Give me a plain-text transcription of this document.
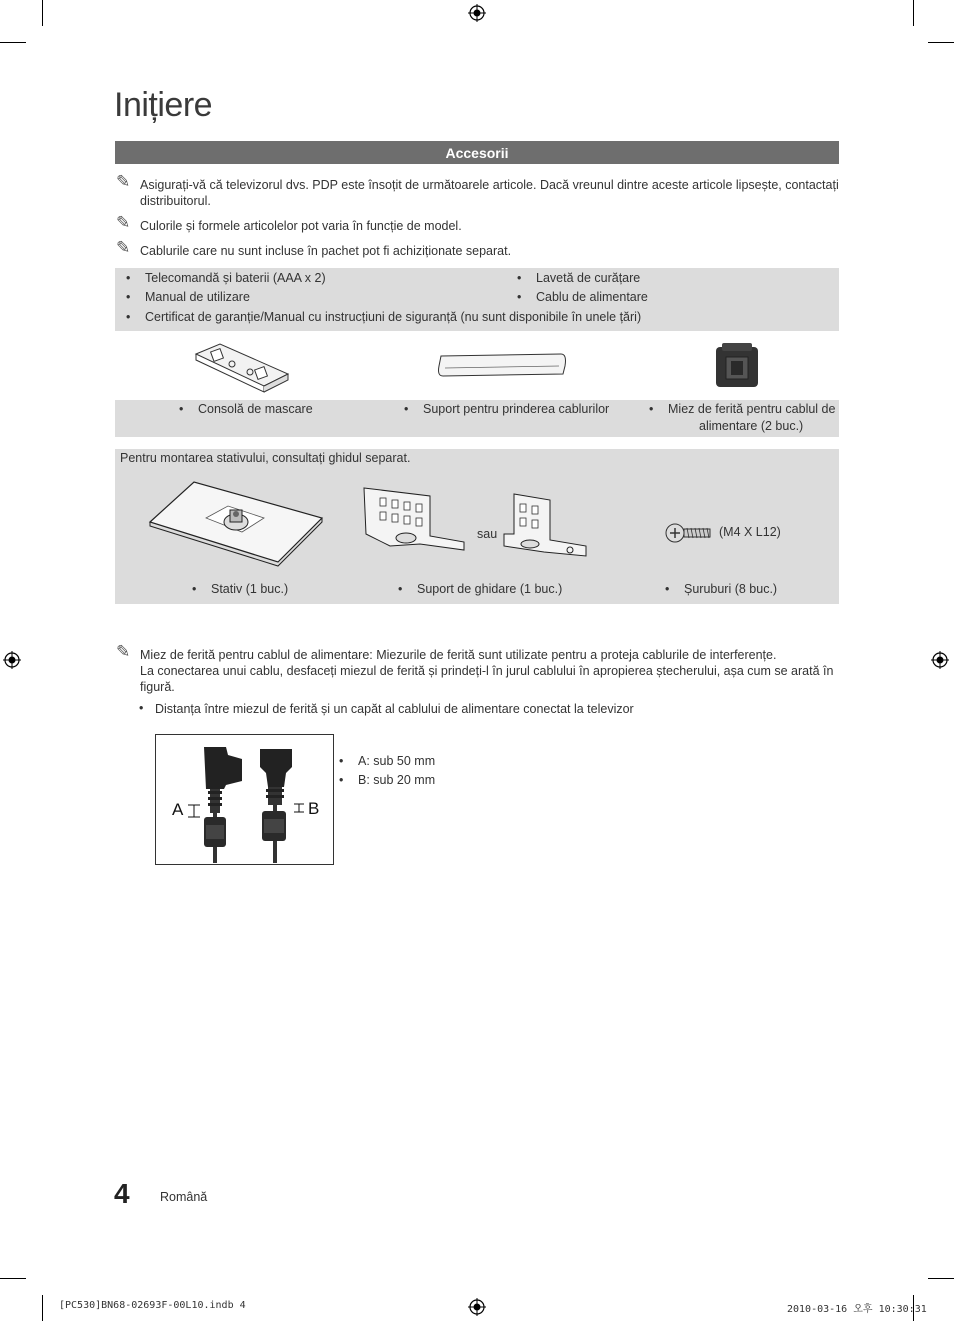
Inițiere
Accesorii
✎ Asigurați-vă că televizorul dvs. PDP este însoțit de următoarele articole. Dacă vreunul dintre aceste articole lipsește, contactați distribuitorul.
✎ Culorile și formele articolelor pot varia în funcție de model.
✎ Cablurile care nu sunt incluse în pachet pot fi achiziționate separat.
• Telecomandă și baterii (AAA x 2)
• Manual de utilizare
• Lavetă de curățare
• Cablu de alimentare
• Certificat de garanție/Manual cu instrucțiuni de siguranță (nu sunt disponibile în unele țări)
• Consolă de mascare	• Suport pentru prinderea cablurilor	• Miez de ferită pentru cablul de
alimentare (2 buc.)
Pentru montarea stativului, consultați ghidul separat.
sau	(M4 X L12)
• Stativ (1 buc.)	• Suport de ghidare (1 buc.)	• Șuruburi (8 buc.)
✎ Miez de ferită pentru cablul de alimentare: Miezurile de ferită sunt utilizate pentru a proteja cablurile de interferențe.
La conectarea unui cablu, desfaceți miezul de ferită și prindeți-l în jurul cablului în apropierea ștecherului, așa cum se arată în figură.
Distanța între miezul de ferită și un capăt al cablului de alimentare conectat la televizor
•
A	B
• A: sub 50 mm
• B: sub 20 mm
4 Română
[PC530]BN68-02693F-00L10.indb 4	2010-03-16 오후 10:30:31
